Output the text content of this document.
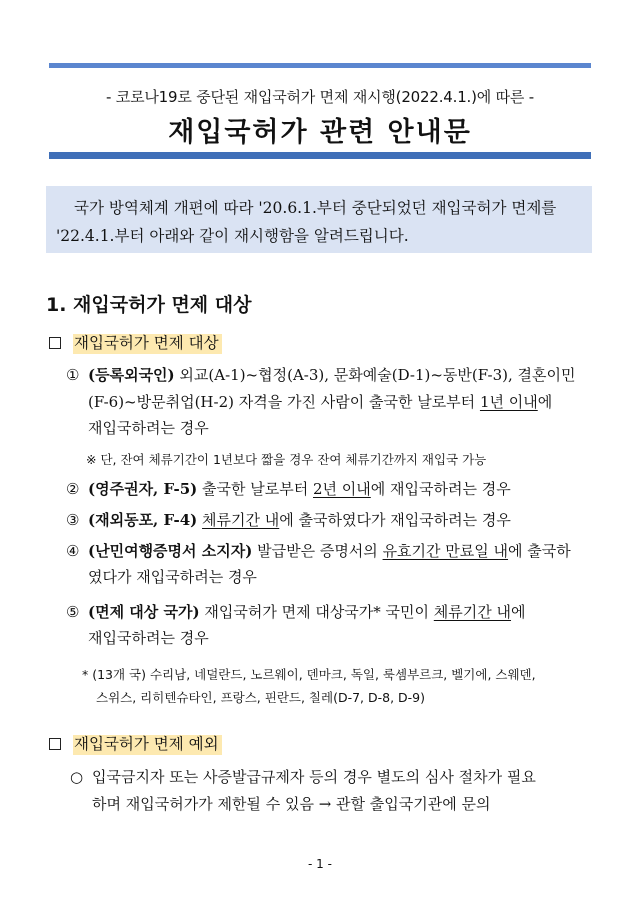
- 코로나19로 중단된 재입국허가 면제 재시행(2022.4.1.)에 따른 -
재입국허가 관련 안내문

국가 방역체계 개편에 따라 '20.6.1.부터 중단되었던 재입국허가 면제를

'22.4.1.부터 아래와 같이 재시행함을 알려드립니다.

1. 재입국허가 면제 대상
재입국허가 면제 대상
① (등록외국인) 외교(A-1)~협정(A-3), 문화예술(D-1)~동반(F-3), 결혼이민
(F-6)~방문취업(H-2) 자격을 가진 사람이 출국한 날로부터 1년 이내에
재입국하려는 경우
※ 단, 잔여 체류기간이 1년보다 짧을 경우 잔여 체류기간까지 재입국 가능
② (영주권자, F-5) 출국한 날로부터 2년 이내에 재입국하려는 경우
③ (재외동포, F-4) 체류기간 내에 출국하였다가 재입국하려는 경우
④ (난민여행증명서 소지자) 발급받은 증명서의 유효기간 만료일 내에 출국하
였다가 재입국하려는 경우
⑤ (면제 대상 국가) 재입국허가 면제 대상국가* 국민이 체류기간 내에
재입국하려는 경우
* (13개 국) 수리남, 네덜란드, 노르웨이, 덴마크, 독일, 룩셈부르크, 벨기에, 스웨덴,
스위스, 리히텐슈타인, 프랑스, 핀란드, 칠레(D-7, D-8, D-9)
재입국허가 면제 예외
○ 입국금지자 또는 사증발급규제자 등의 경우 별도의 심사 절차가 필요
하며 재입국허가가 제한될 수 있음 → 관할 출입국기관에 문의
- 1 -
